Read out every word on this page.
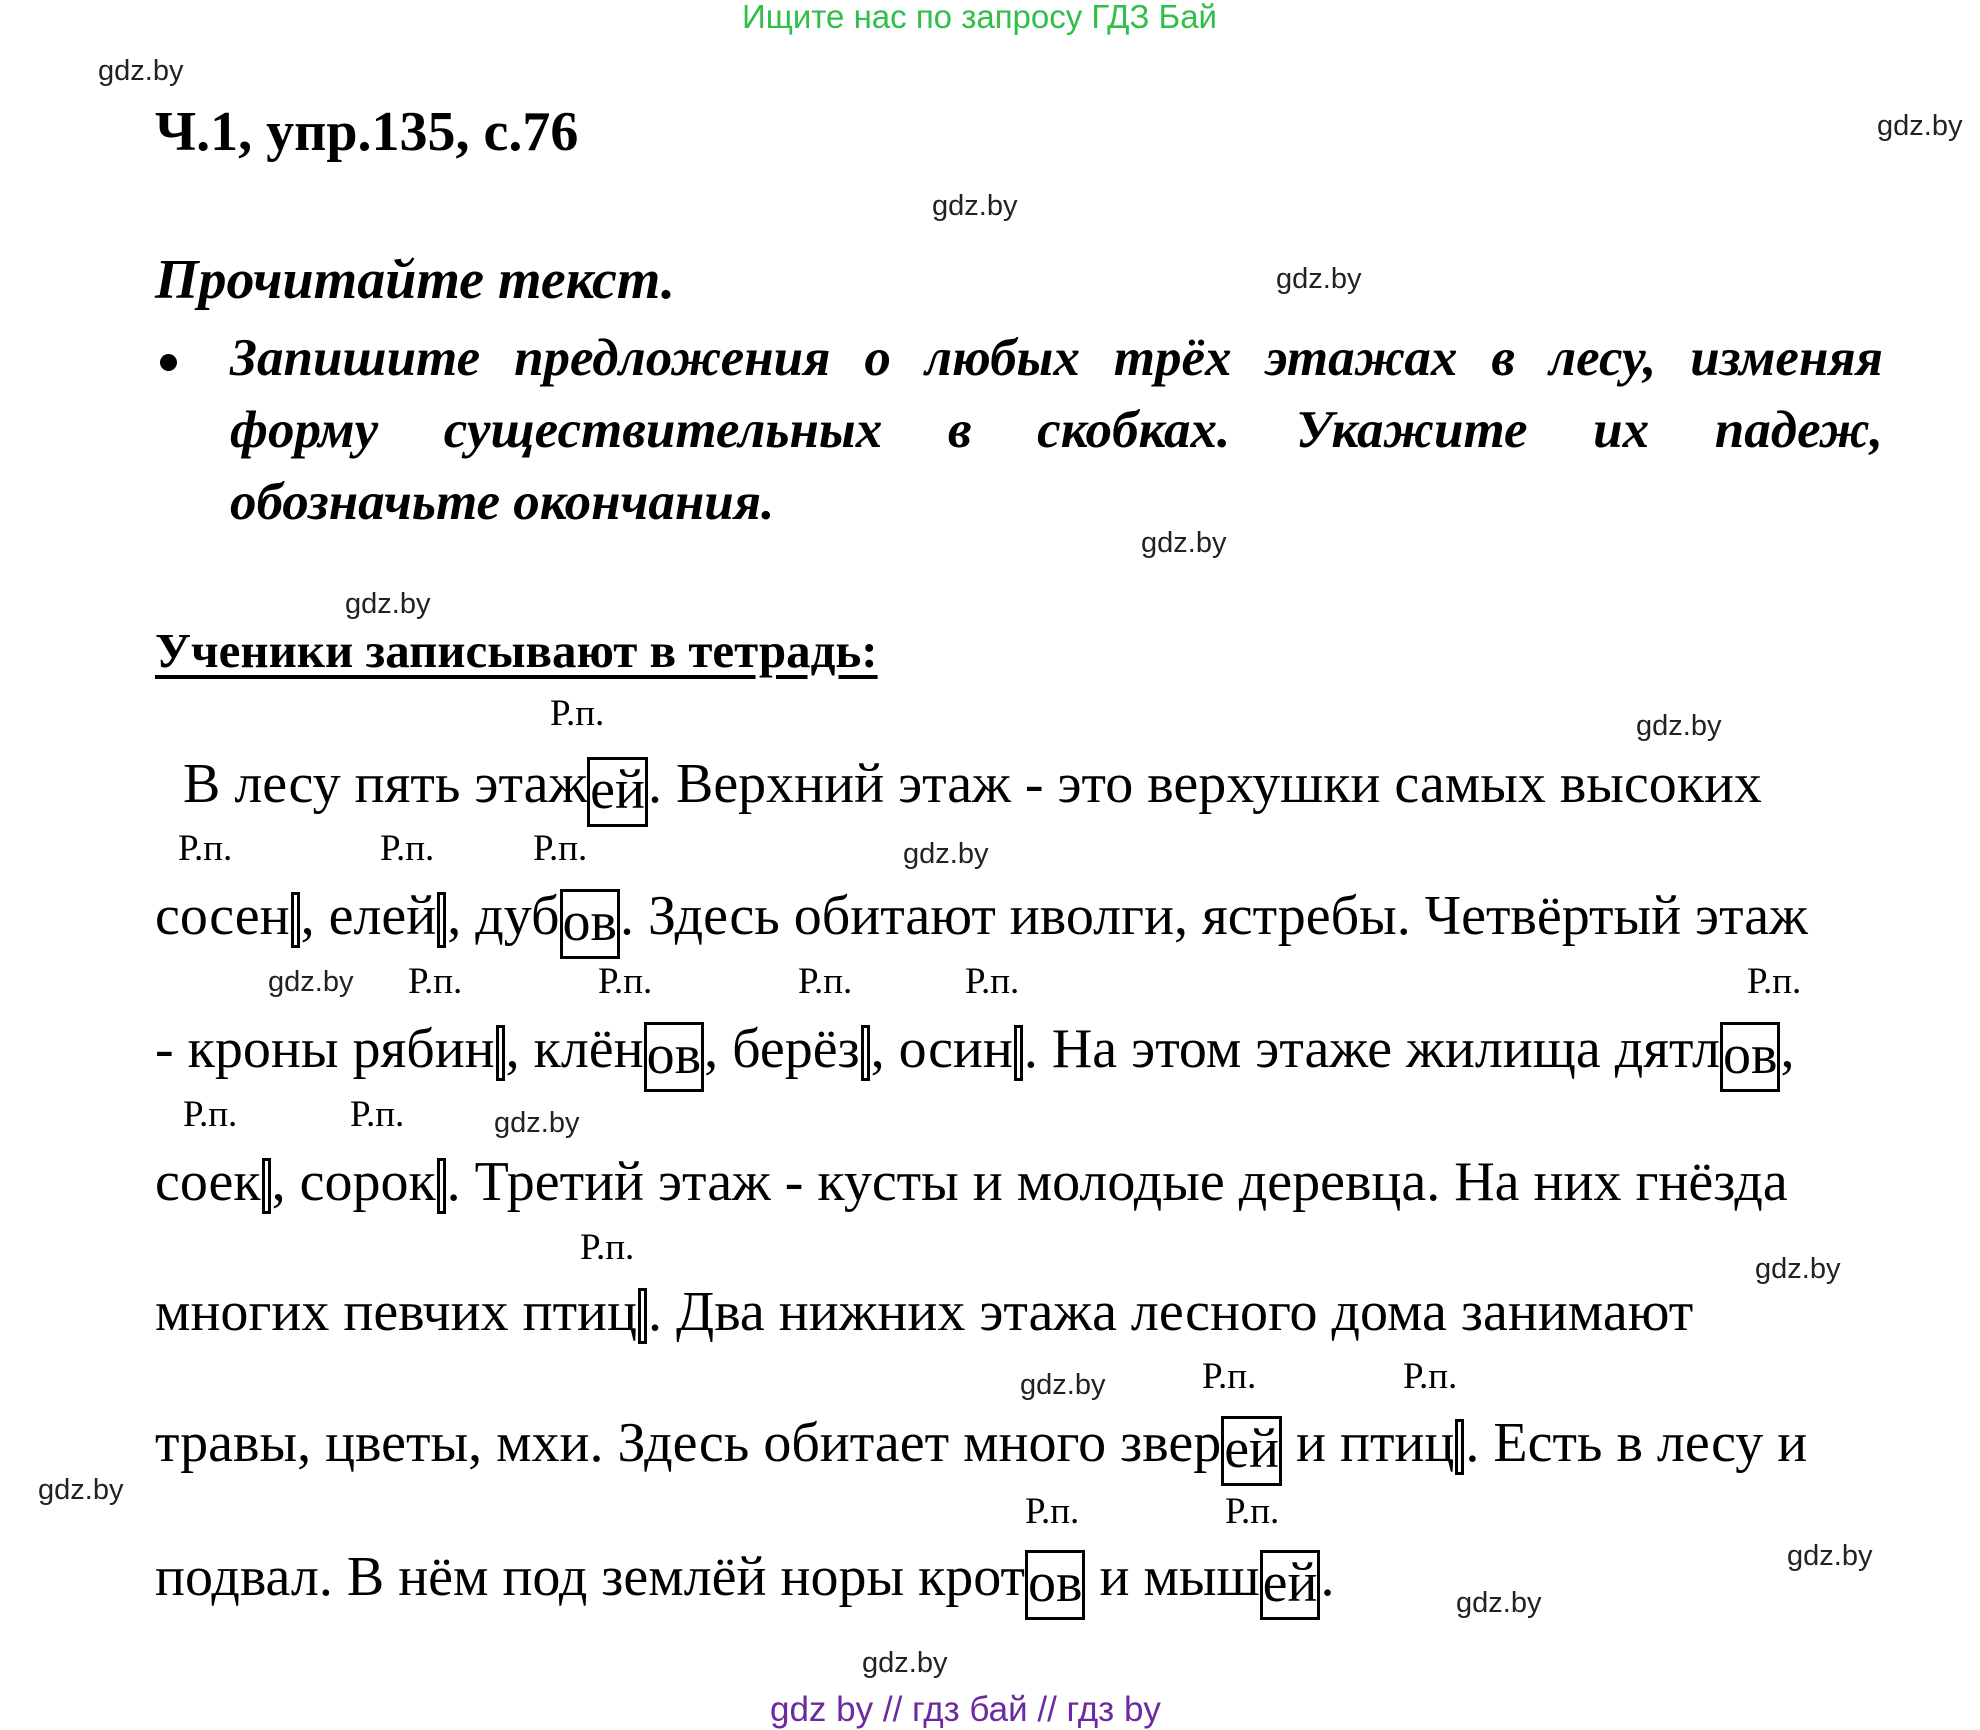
Ищите нас по запросу ГДЗ Бай
gdz.by
gdz.by
gdz.by
gdz.by
gdz.by
gdz.by
gdz.by
gdz.by
gdz.by
gdz.by
gdz.by
gdz.by
gdz.by
gdz.by
gdz.by
gdz.by
Ч.1, упр.135, с.76
Прочитайте текст.
Запишите предложения о любых трёх этажах в лесу, изменяя
форму существительных в скобках. Укажите их падеж,
обозначьте окончания.
Ученики записывают в тетрадь:
Р.п.
Р.п.	Р.п.	Р.п.
Р.п.	Р.п.	Р.п.	Р.п.	Р.п.
Р.п.	Р.п.
Р.п.
Р.п.	Р.п.
Р.п.	Р.п.
В лесу пять этажей. Верхний этаж - это верхушки самых высоких
сосен , елей , дубов. Здесь обитают иволги, ястребы. Четвёртый этаж
- кроны рябин , клёнов, берёз , осин . На этом этаже жилища дятлов,
соек , сорок . Третий этаж - кусты и молодые деревца. На них гнёзда
многих певчих птиц . Два нижних этажа лесного дома занимают
травы, цветы, мхи. Здесь обитает много зверей и птиц . Есть в лесу и
подвал. В нём под землёй норы кротов и мышей.
gdz by // гдз бай // гдз by
